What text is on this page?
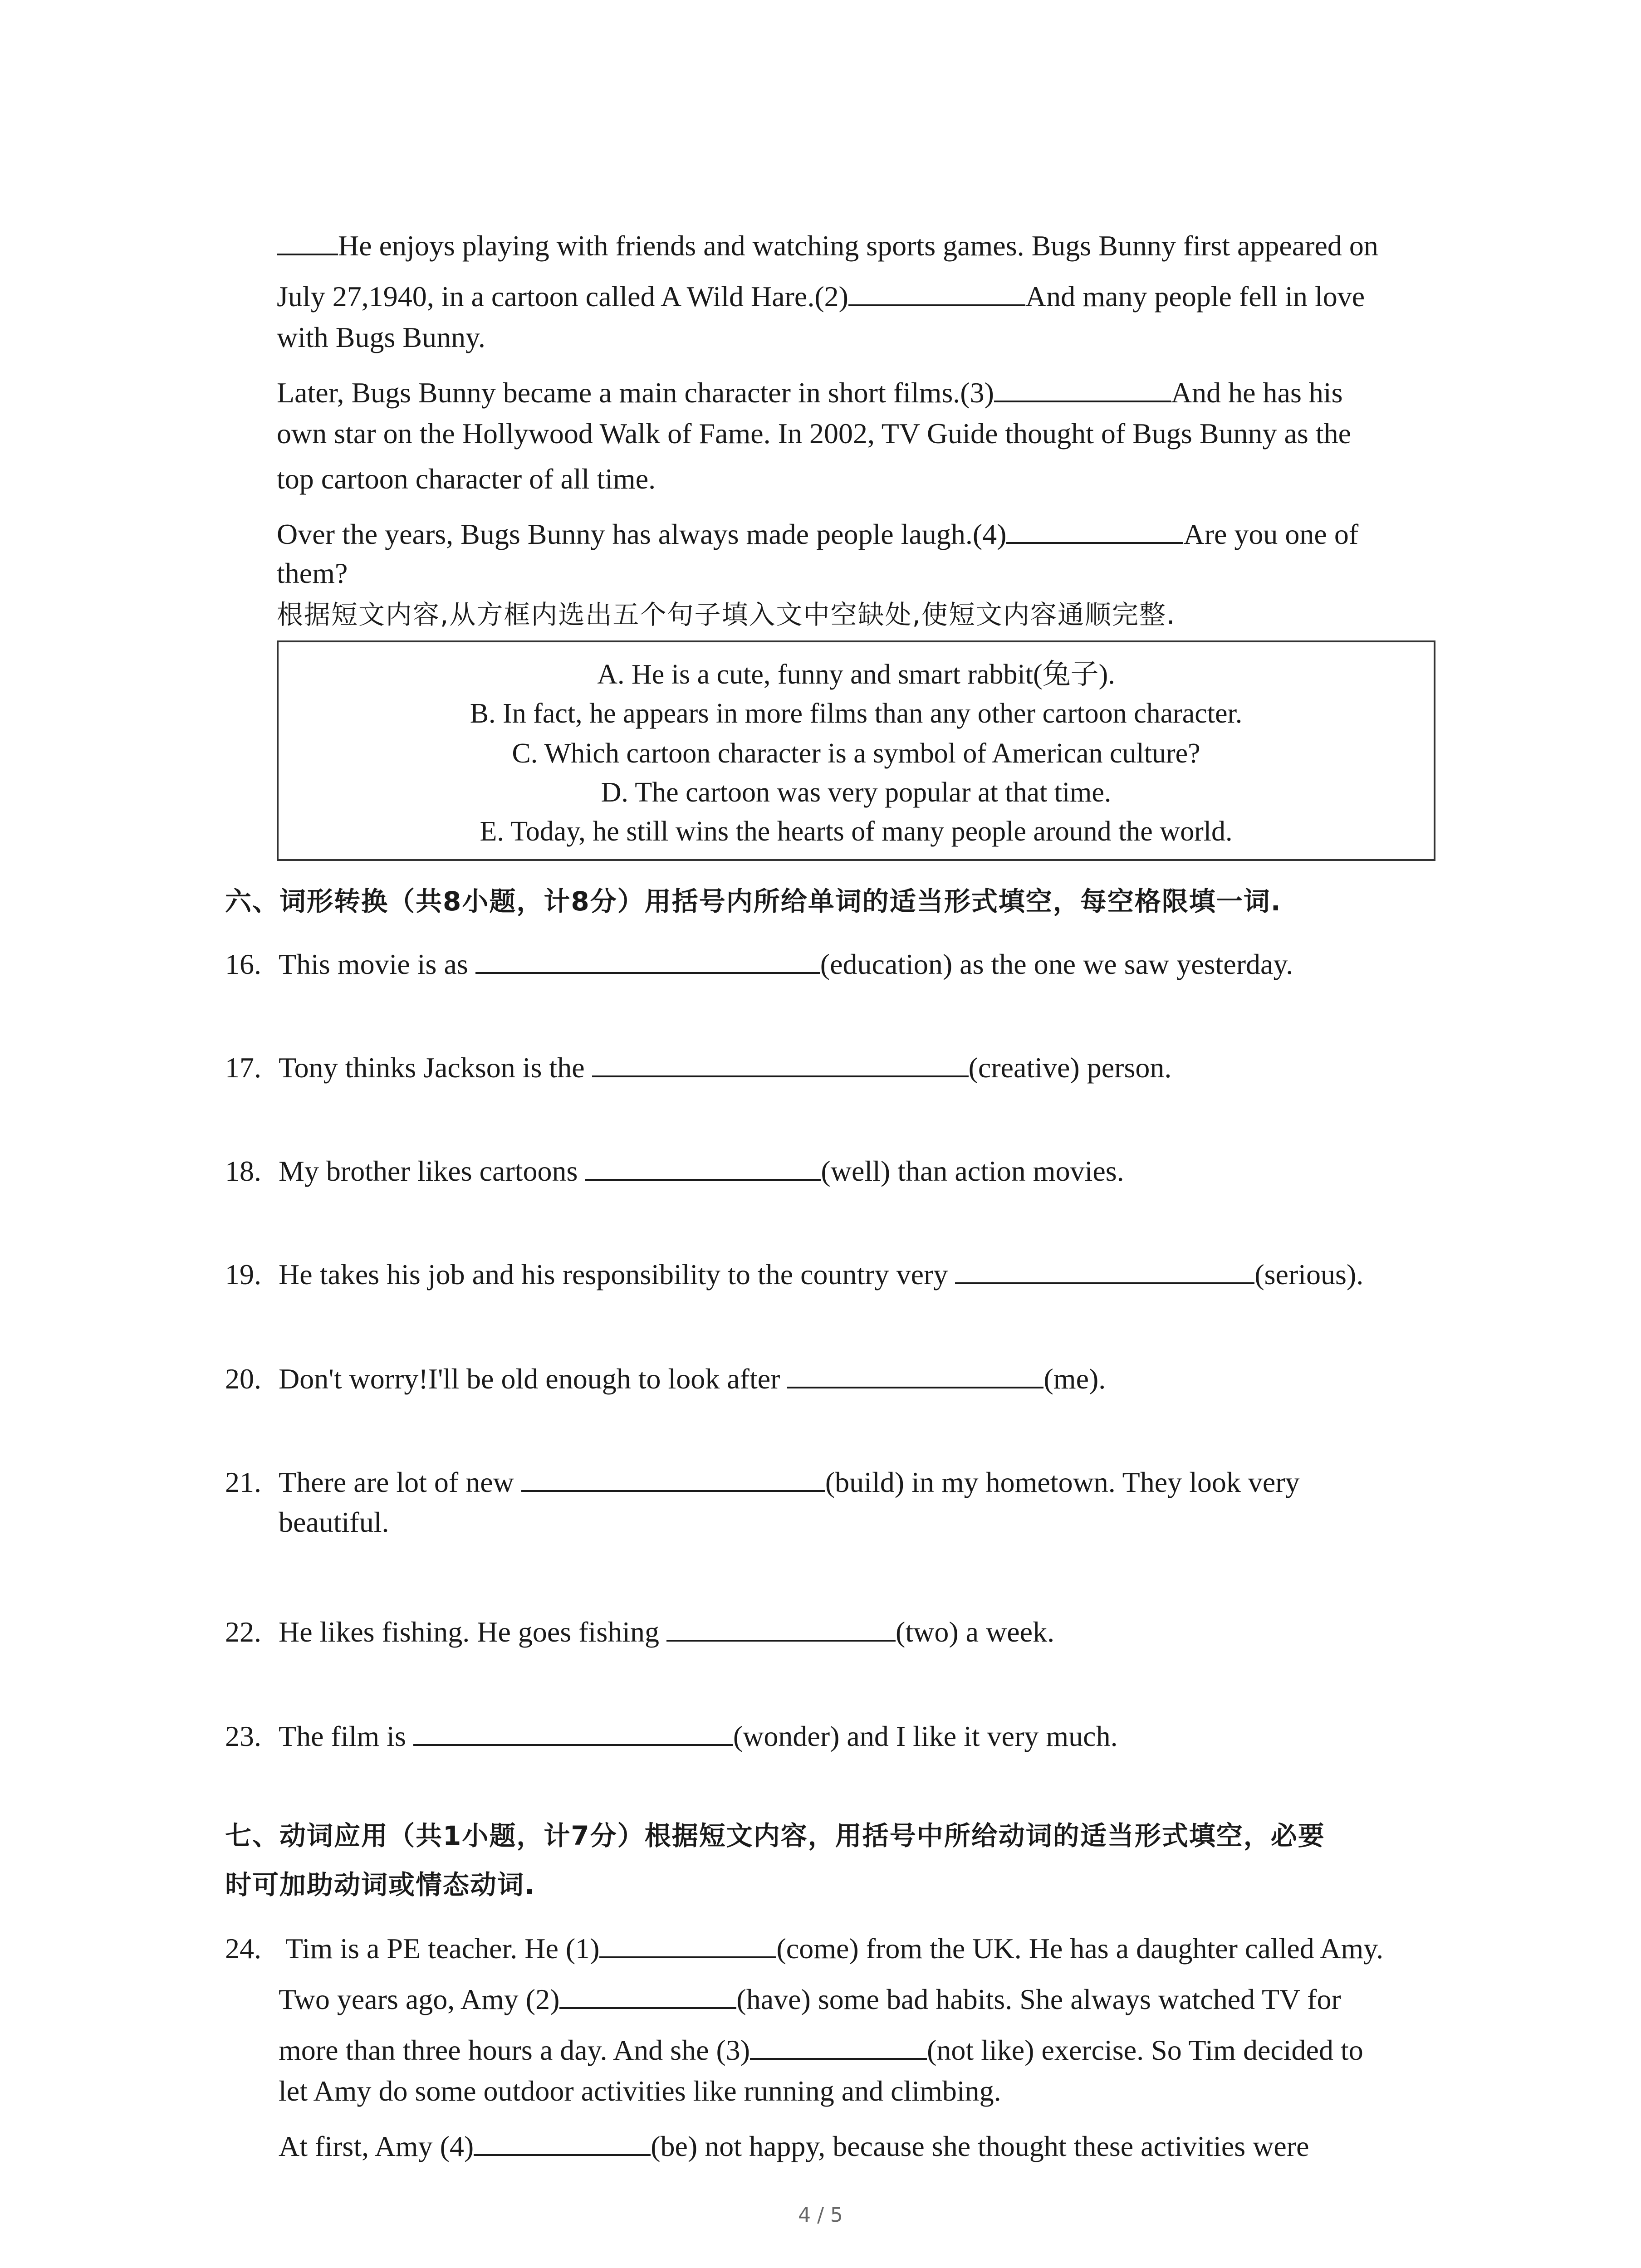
He enjoys playing with friends and watching sports games. Bugs Bunny first appeared on
July 27,1940, in a cartoon called A Wild Hare.(2)	And many people fell in love
with Bugs Bunny.
Later, Bugs Bunny became a main character in short films.(3)	And he has his
own star on the Hollywood Walk of Fame. In 2002, TV Guide thought of Bugs Bunny as the
top cartoon character of all time.
Over the years, Bugs Bunny has always made people laugh.(4)	Are you one of
them?
根据短文内容,从方框内选出五个句子填入文中空缺处,使短文内容通顺完整.
A. He is a cute, funny and smart rabbit(兔子).
B. In fact, he appears in more films than any other cartoon character.
C. Which cartoon character is a symbol of American culture?
D. The cartoon was very popular at that time.
E. Today, he still wins the hearts of many people around the world.
六、词形转换（共8小题，计8分）用括号内所给单词的适当形式填空，每空格限填一词.
16. This movie is as	(education) as the one we saw yesterday.
17. Tony thinks Jackson is the	(creative) person.
18. My brother likes cartoons	(well) than action movies.
19. He takes his job and his responsibility to the country very	(serious).
20. Don't worry!I'll be old enough to look after	(me).
21. There are lot of new	(build) in my hometown. They look very
beautiful.
22. He likes fishing. He goes fishing	(two) a week.
23. The film is	(wonder) and I like it very much.
七、动词应用（共1小题，计7分）根据短文内容，用括号中所给动词的适当形式填空，必要
时可加助动词或情态动词.
24. Tim is a PE teacher. He (1)	(come) from the UK. He has a daughter called Amy.
Two years ago, Amy (2)	(have) some bad habits. She always watched TV for
more than three hours a day. And she (3)	(not like) exercise. So Tim decided to
let Amy do some outdoor activities like running and climbing.
At first, Amy (4)	(be) not happy, because she thought these activities were
4 / 5
